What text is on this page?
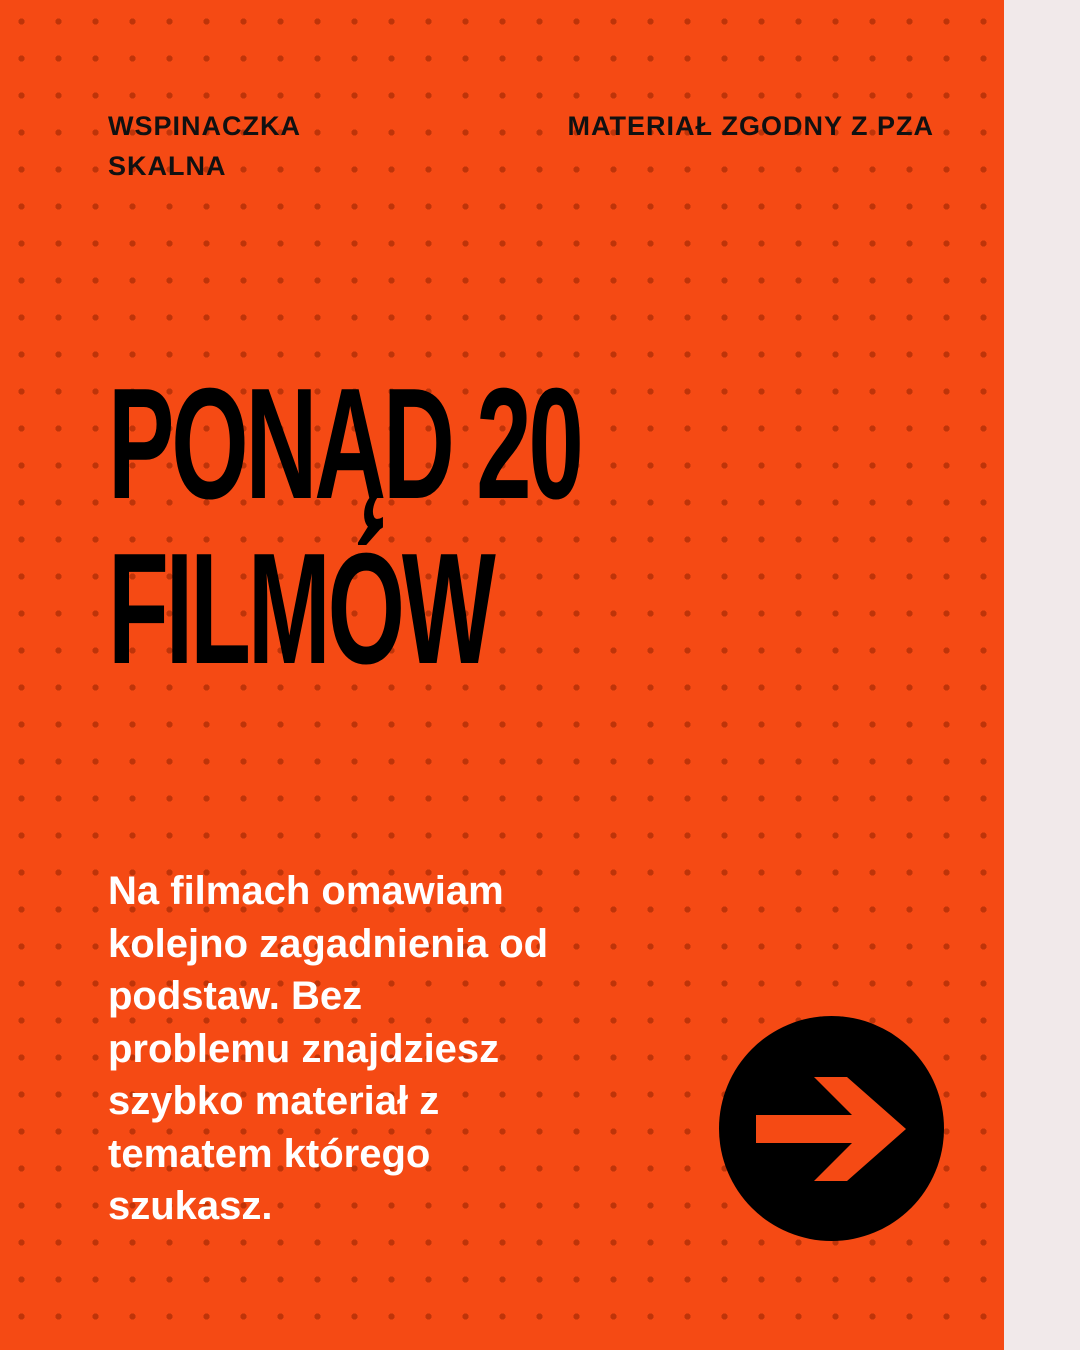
WSPINACZKA SKALNA

MATERIAŁ ZGODNY Z PZA

PONĄD 20
FILMÓW

Na filmach omawiam
kolejno zagadnienia od
podstaw. Bez
problemu znajdziesz
szybko materiał z
tematem którego
szukasz.
